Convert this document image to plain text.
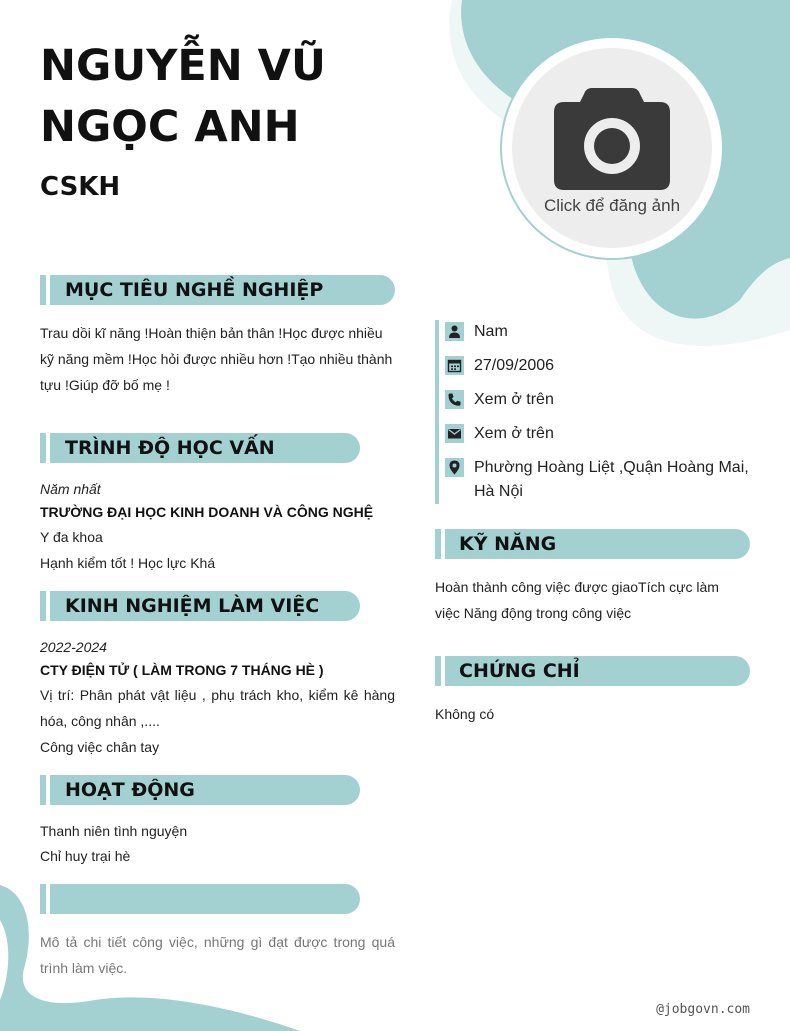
NGUYỄN VŨ NGỌC ANH
CSKH
Click để đăng ảnh
MỤC TIÊU NGHỀ NGHIỆP
Trau dồi kĩ năng !Hoàn thiện bản thân !Học được nhiều kỹ năng mềm !Học hỏi được nhiều hơn !Tạo nhiều thành tựu !Giúp đỡ bố mẹ !
TRÌNH ĐỘ HỌC VẤN
Năm nhất
TRƯỜNG ĐẠI HỌC KINH DOANH VÀ CÔNG NGHỆ
Y đa khoa
Hạnh kiểm tốt ! Học lực Khá
KINH NGHIỆM LÀM VIỆC
2022-2024
CTY ĐIỆN TỬ ( LÀM TRONG 7 THÁNG HÈ )
Vị trí: Phân phát vật liệu , phụ trách kho, kiểm kê hàng hóa, công nhân ,....
Công việc chân tay
HOẠT ĐỘNG
Thanh niên tình nguyện
Chỉ huy trại hè
Mô tả chi tiết công việc, những gì đạt được trong quá trình làm việc.
Nam
27/09/2006
Xem ở trên
Xem ở trên
Phường Hoàng Liệt ,Quận Hoàng Mai, Hà Nội
KỸ NĂNG
Hoàn thành công việc được giaoTích cực làm việc Năng động trong công việc
CHỨNG CHỈ
Không có
@jobgovn.com
